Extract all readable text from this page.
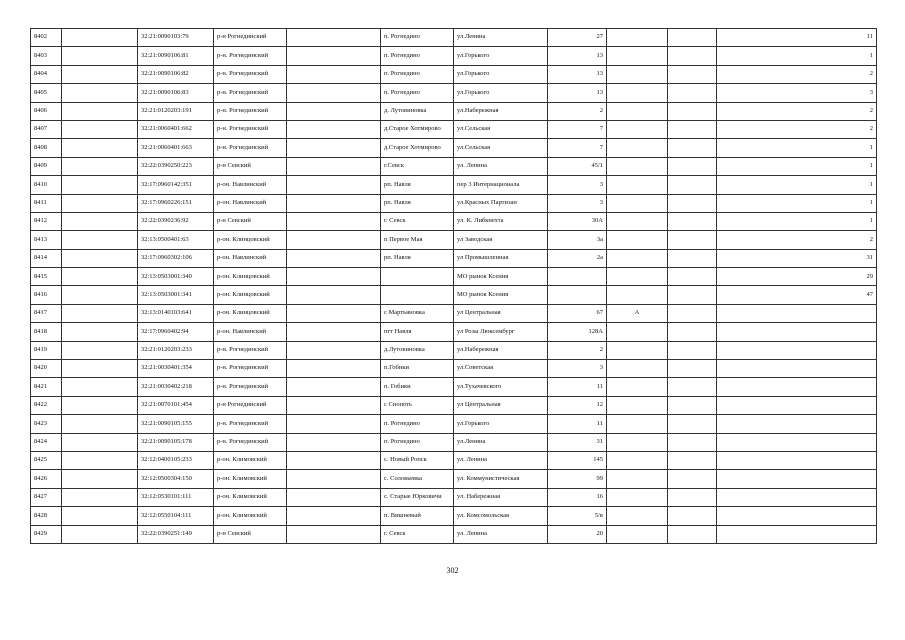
8402		32:21:0090103:79	р-н Рогнединский		п. Рогнедино	ул.Ленина	27			11
8403		32:21:0090106:81	р-н. Рогнединский		п. Рогнедино	ул.Горького	13			1
8404		32:21:0090106:82	р-н. Рогнединский		п. Рогнедино	ул.Горького	13			2
8405		32:21:0090106:83	р-н. Рогнединский		п. Рогнедино	ул.Горького	13			3
8406		32:21:0120203:191	р-н. Рогнединский		д. Лутовиновка	ул.Набережная	2			2
8407		32:21:0060401:662	р-н. Рогнединский		д.Старое Хотмирово	ул.Сельская	7			2
8408		32:21:0060401:663	р-н. Рогнединский		д.Старое Хотмирово	ул.Сельская	7			1
8409		32:22:0390250:223	р-н Севский		г.Севск	ул. Ленина	45/1			1
8410		32:17:0960142:351	р-он. Навлинский		рп. Навля	пер 3 Интернационала	3			1
8411		32:17:0960226:151	р-он. Навлинский		рп. Навля	ул.Красных Партизан	3			1
8412		32:22:0390236:92	р-н Севский		г. Севск	ул. К. Либкнехта	30А			1
8413		32:13:0500401:63	р-он. Клинцовский		п Первое Мая	ул Заводская	3а			2
8414		32:17:0960302:106	р-он. Навлинский		рп. Навля	ул Промышленная	2а			31
8415		32:13:0503001:340	р-он. Клинцовский			МО рынок Ксения				29
8416		32:13:0503001:341	р-он. Клинцовский			МО рынок Ксения				47
8417		32:13:0140103:641	р-он. Клинцовский		с Мартьяновка	ул Центральная	67	А		
8418		32:17:0960402:94	р-он. Навлинский		пгт Навля	ул Розы Люксембург	128А			
8419		32:21:0120203:233	р-н. Рогнединский		д.Лутовиновка	ул.Набережная	2			
8420		32:21:0030401:354	р-н. Рогнединский		п.Гобики	ул.Советская	3			
8421		32:21:0030402:218	р-н. Рогнединский		п. Гобики	ул.Тухачевского	11			
8422		32:21:0070101:454	р-н Рогнединский		с Снопоть	ул Центральная	12			
8423		32:21:0090105:155	р-н. Рогнединский		п. Рогнедино	ул.Горького	11			
8424		32:21:0090105:178	р-н. Рогнединский		п. Рогнедино	ул.Ленина	31			
8425		32:12:0400105:233	р-он. Климовский		с. Новый Ропск	ул. Ленина	145			
8426		32:12:0500304:150	р-он. Климовский		с. Соловьевка	ул. Коммунистическая	99			
8427		32:12:0530101:111	р-он. Климовский		с. Старые Юрковичи	ул. Набережная	16			
8428		32:12:0550104:111	р-он. Климовский		п. Вишневый	ул. Комсомольская	5/в			
8429		32:22:0390251:149	р-н Севский		г. Севск	ул. Ленина	20			
302
